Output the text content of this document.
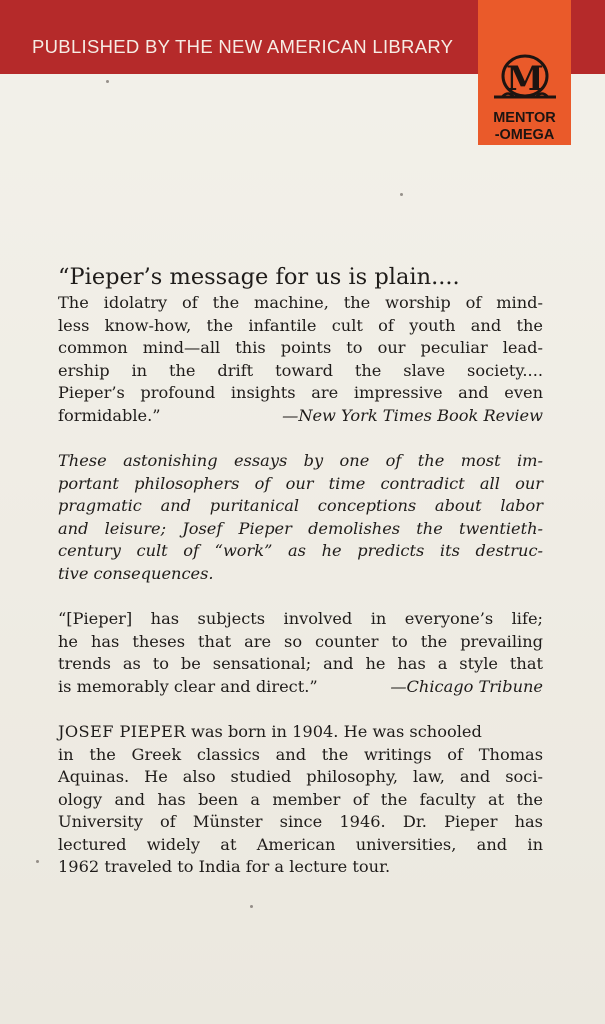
PUBLISHED BY THE NEW AMERICAN LIBRARY
M
MENTOR
-OMEGA
“Pieper’s message for us is plain....
The idolatry of the machine, the worship of mind-
less know-how, the infantile cult of youth and the
common mind—all this points to our peculiar lead-
ership in the drift toward the slave society....
Pieper’s profound insights are impressive and even
formidable.”	—New York Times Book Review
These astonishing essays by one of the most im-
portant philosophers of our time contradict all our
pragmatic and puritanical conceptions about labor
and leisure; Josef Pieper demolishes the twentieth-
century cult of “work” as he predicts its destruc-
tive consequences.
“[Pieper] has subjects involved in everyone’s life;
he has theses that are so counter to the prevailing
trends as to be sensational; and he has a style that
is memorably clear and direct.”	—Chicago Tribune
JOSEF PIEPER was born in 1904. He was schooled
in the Greek classics and the writings of Thomas
Aquinas. He also studied philosophy, law, and soci-
ology and has been a member of the faculty at the
University of Münster since 1946. Dr. Pieper has
lectured widely at American universities, and in
1962 traveled to India for a lecture tour.
